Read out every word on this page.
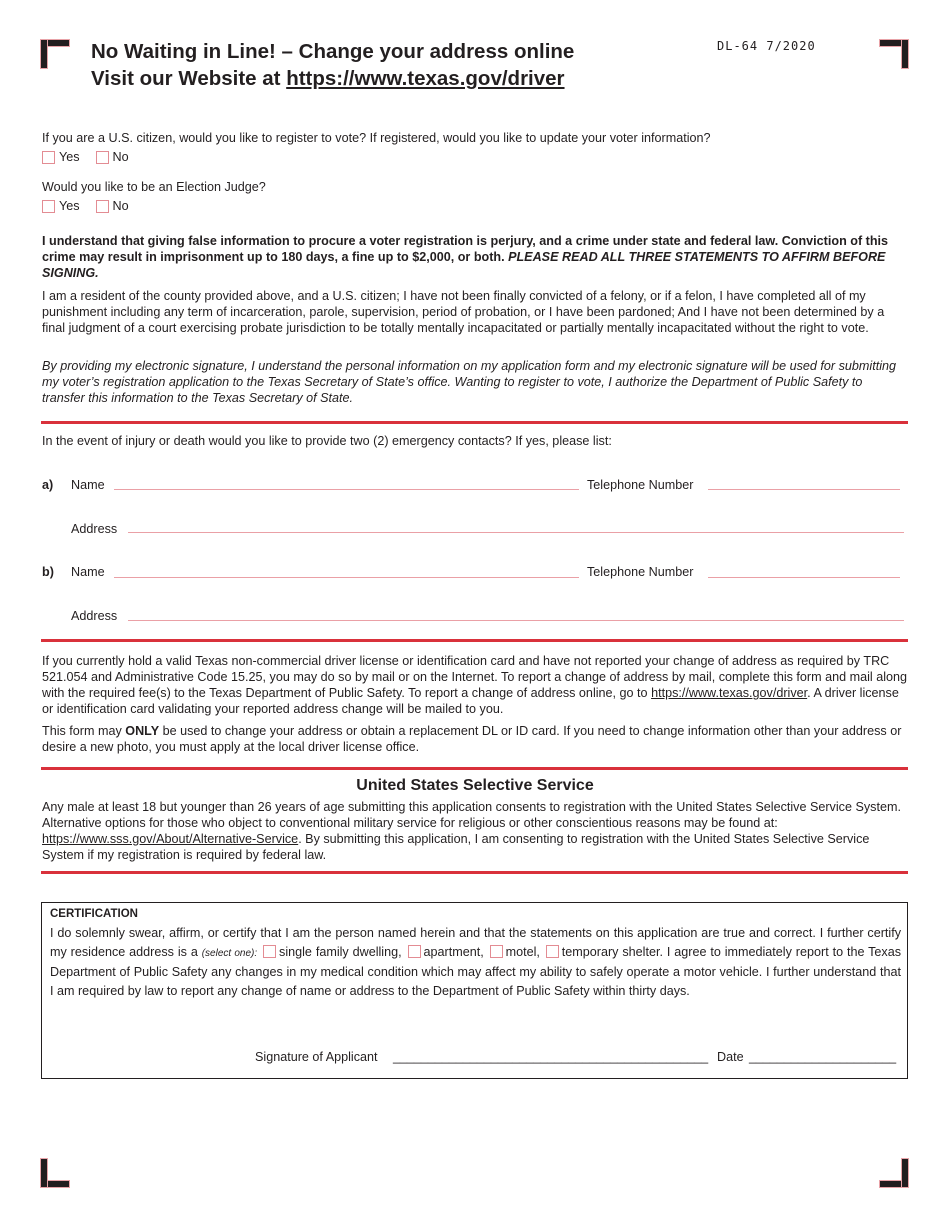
No Waiting in Line! – Change your address online
Visit our Website at https://www.texas.gov/driver
DL-64 7/2020
If you are a U.S. citizen, would you like to register to vote? If registered, would you like to update your voter information?
Yes	No
Would you like to be an Election Judge?
Yes	No
I understand that giving false information to procure a voter registration is perjury, and a crime under state and federal law. Conviction of this crime may result in imprisonment up to 180 days, a fine up to $2,000, or both. PLEASE READ ALL THREE STATEMENTS TO AFFIRM BEFORE SIGNING.
I am a resident of the county provided above, and a U.S. citizen; I have not been finally convicted of a felony, or if a felon, I have completed all of my punishment including any term of incarceration, parole, supervision, period of probation, or I have been pardoned; And I have not been determined by a final judgment of a court exercising probate jurisdiction to be totally mentally incapacitated or partially mentally incapacitated without the right to vote.
By providing my electronic signature, I understand the personal information on my application form and my electronic signature will be used for submitting my voter’s registration application to the Texas Secretary of State’s office. Wanting to register to vote, I authorize the Department of Public Safety to transfer this information to the Texas Secretary of State.
In the event of injury or death would you like to provide two (2) emergency contacts? If yes, please list:
a) Name	Telephone Number
Address
b) Name	Telephone Number
Address
If you currently hold a valid Texas non-commercial driver license or identification card and have not reported your change of address as required by TRC 521.054 and Administrative Code 15.25, you may do so by mail or on the Internet. To report a change of address by mail, complete this form and mail along with the required fee(s) to the Texas Department of Public Safety. To report a change of address online, go to https://www.texas.gov/driver. A driver license or identification card validating your reported address change will be mailed to you.
This form may ONLY be used to change your address or obtain a replacement DL or ID card. If you need to change information other than your address or desire a new photo, you must apply at the local driver license office.
United States Selective Service
Any male at least 18 but younger than 26 years of age submitting this application consents to registration with the United States Selective Service System. Alternative options for those who object to conventional military service for religious or other conscientious reasons may be found at: https://www.sss.gov/About/Alternative-Service. By submitting this application, I am consenting to registration with the United States Selective Service System if my registration is required by federal law.
CERTIFICATION
I do solemnly swear, affirm, or certify that I am the person named herein and that the statements on this application are true and correct. I further certify my residence address is a (select one): single family dwelling, apartment, motel, temporary shelter. I agree to immediately report to the Texas Department of Public Safety any changes in my medical condition which may affect my ability to safely operate a motor vehicle. I further understand that I am required by law to report any change of name or address to the Department of Public Safety within thirty days.
Signature of Applicant _____________________________________________ Date _____________________
